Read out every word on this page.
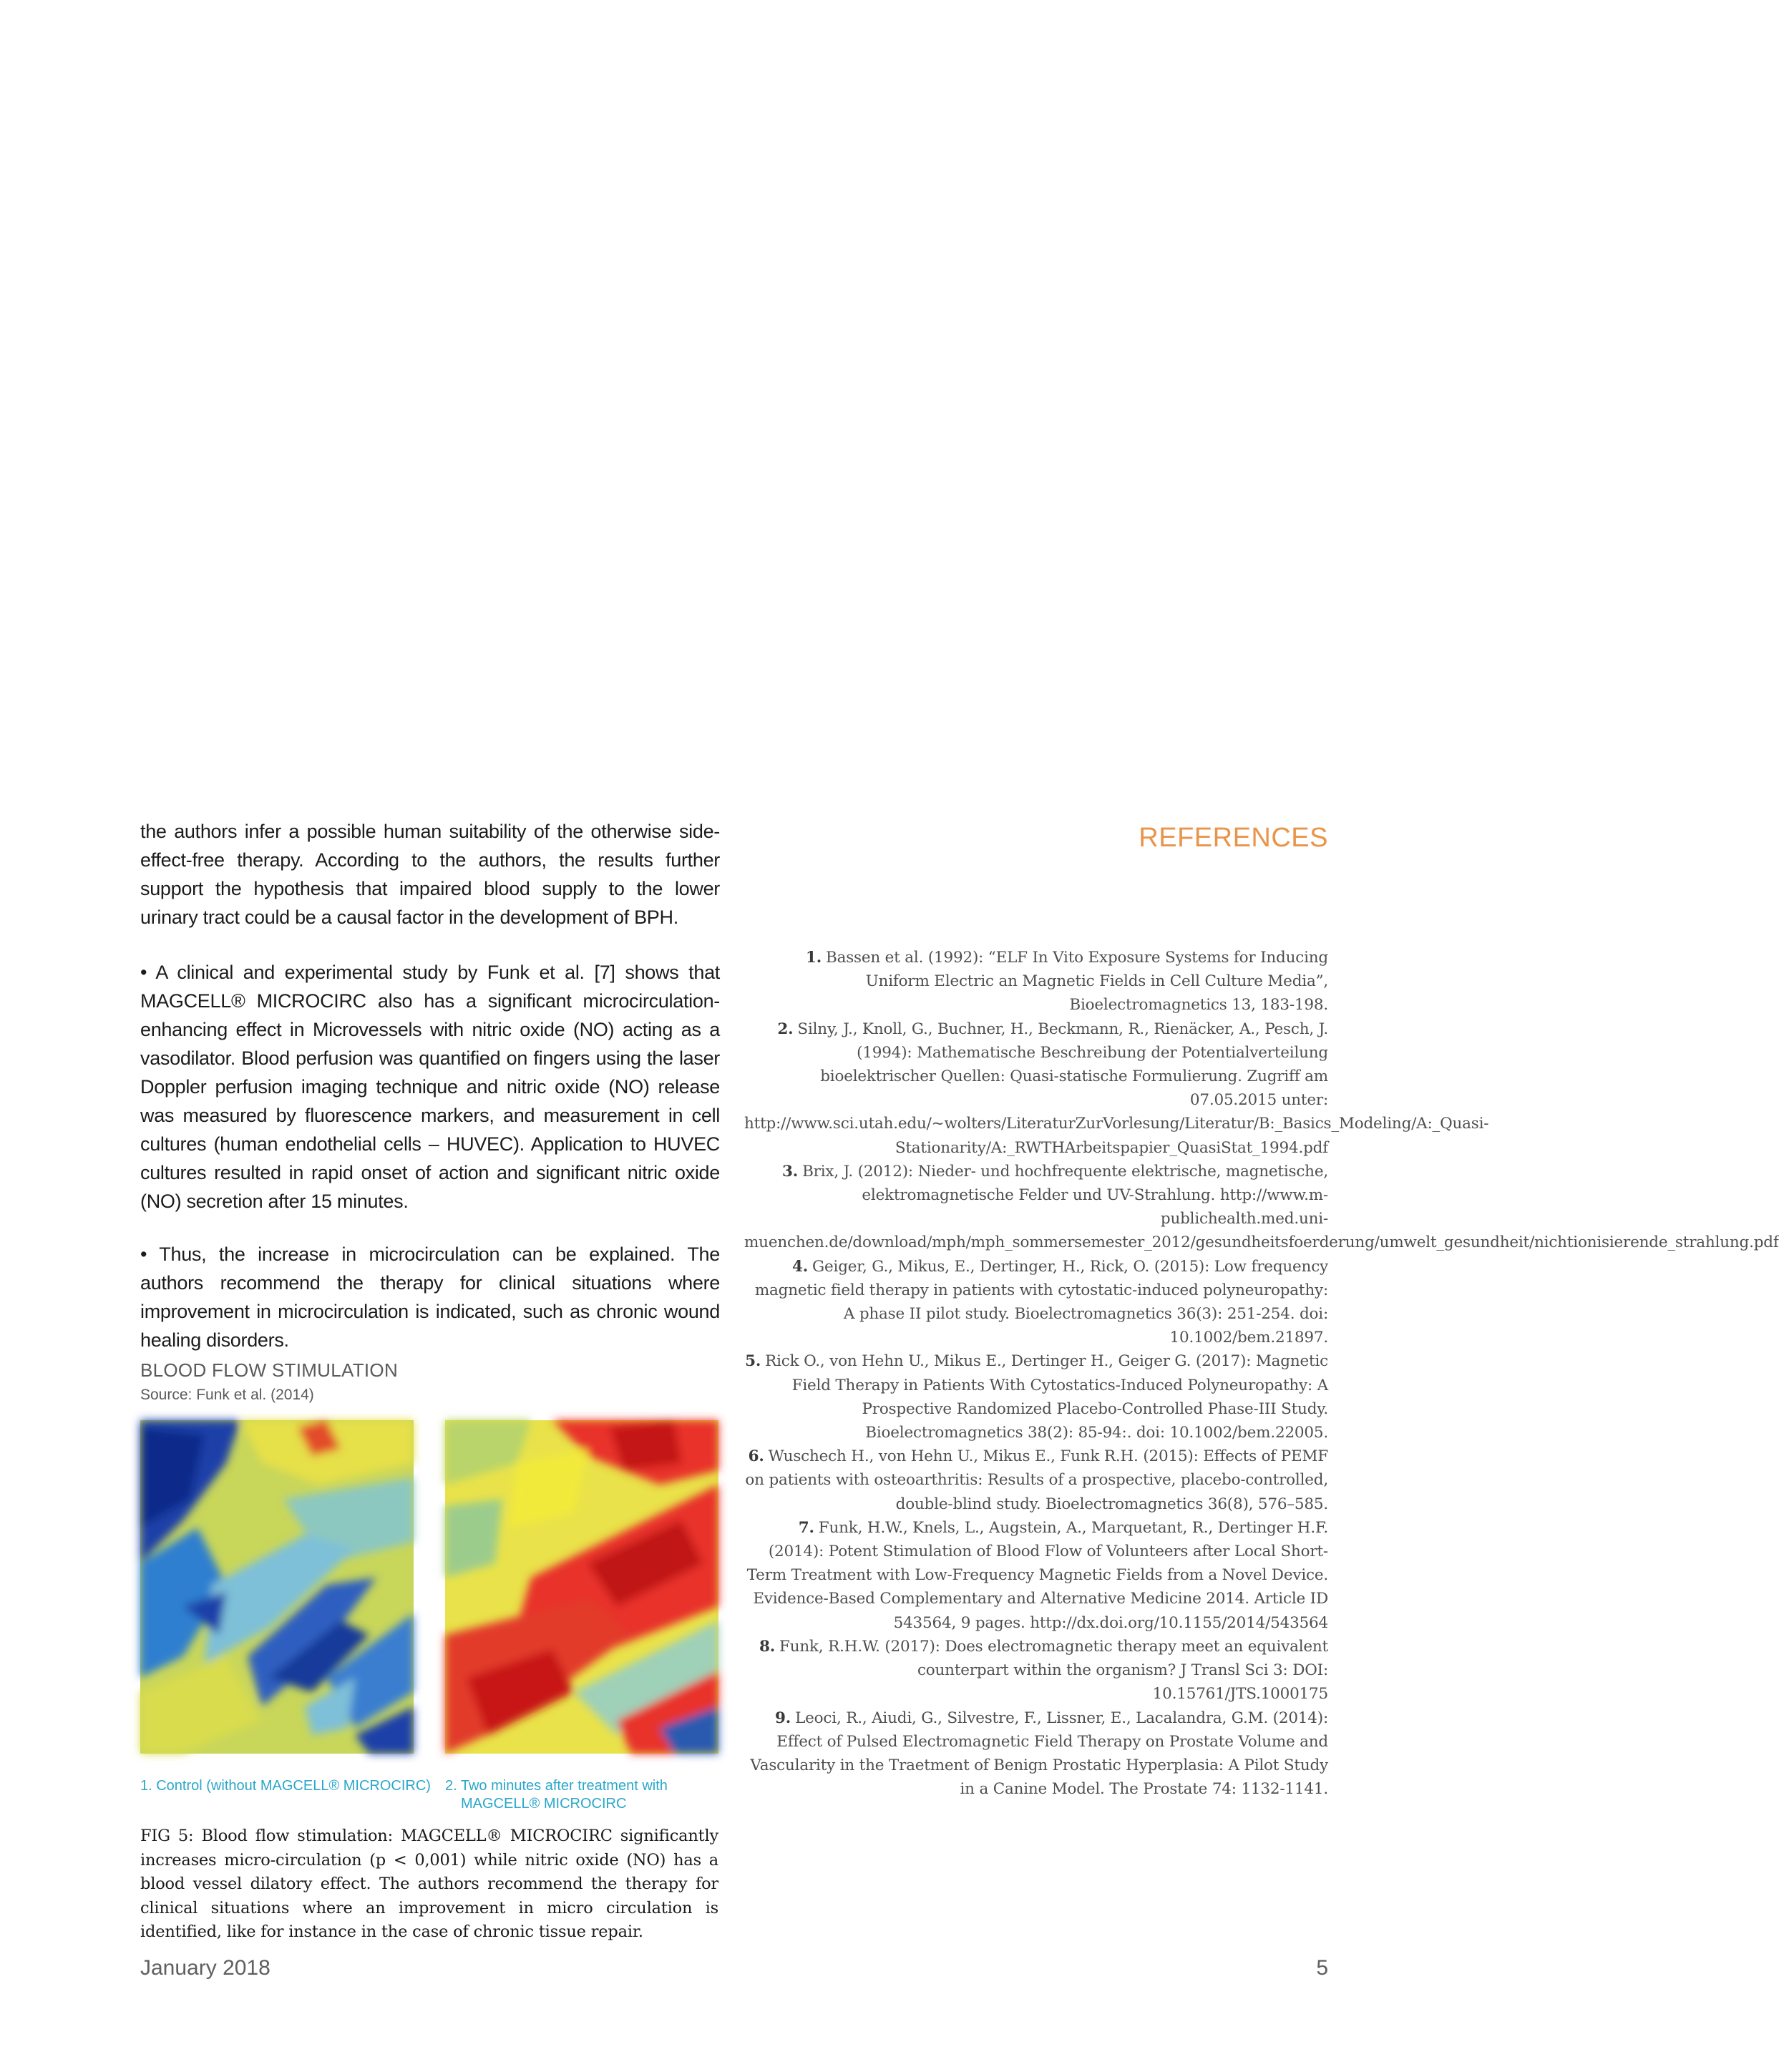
the authors infer a possible human suitability of the otherwise side-effect-free therapy. According to the authors, the results further support the hypothesis that impaired blood supply to the lower urinary tract could be a causal factor in the development of BPH.

• A clinical and experimental study by Funk et al. [7] shows that MAGCELL® MICROCIRC also has a significant microcirculation-enhancing effect in Microvessels with nitric oxide (NO) acting as a vasodilator. Blood perfusion was quantified on fingers using the laser Doppler perfusion imaging technique and nitric oxide (NO) release was measured by fluorescence markers, and measurement in cell cultures (human endothelial cells – HUVEC). Application to HUVEC cultures resulted in rapid onset of action and significant nitric oxide (NO) secretion after 15 minutes.

• Thus, the increase in microcirculation can be explained. The authors recommend the therapy for clinical situations where improvement in microcirculation is indicated, such as chronic wound healing disorders.

BLOOD FLOW STIMULATION
Source: Funk et al. (2014)
1. Control (without MAGCELL® MICROCIRC)	2. Two minutes after treatment with
MAGCELL® MICROCIRC

FIG 5: Blood flow stimulation: MAGCELL® MICROCIRC significantly increases micro-circulation (p < 0,001) while nitric oxide (NO) has a blood vessel dilatory effect. The authors recommend the therapy for clinical situations where an improvement in micro circulation is identified, like for instance in the case of chronic tissue repair.

REFERENCES
1. Bassen et al. (1992): “ELF In Vito Exposure Systems for Inducing Uniform Electric an Magnetic Fields in Cell Culture Media”, Bioelectromagnetics 13, 183-198.
2. Silny, J., Knoll, G., Buchner, H., Beckmann, R., Rienäcker, A., Pesch, J. (1994): Mathematische Beschreibung der Potentialverteilung bioelektrischer Quellen: Quasi-statische Formulierung. Zugriff am 07.05.2015 unter: http://www.sci.utah.edu/~wolters/LiteraturZurVorlesung/Literatur/B:_Basics_Modeling/A:_Quasi-Stationarity/A:_RWTHArbeitspapier_QuasiStat_1994.pdf
3. Brix, J. (2012): Nieder- und hochfrequente elektrische, magnetische, elektromagnetische Felder und UV-Strahlung. http://www.m-publichealth.med.uni-muenchen.de/download/mph/mph_sommersemester_2012/gesundheitsfoerderung/umwelt_gesundheit/nichtionisierende_strahlung.pdf
4. Geiger, G., Mikus, E., Dertinger, H., Rick, O. (2015): Low frequency magnetic field therapy in patients with cytostatic-induced polyneuropathy: A phase II pilot study. Bioelectromagnetics 36(3): 251-254. doi: 10.1002/bem.21897.
5. Rick O., von Hehn U., Mikus E., Dertinger H., Geiger G. (2017): Magnetic Field Therapy in Patients With Cytostatics-Induced Polyneuropathy: A Prospective Randomized Placebo-Controlled Phase-III Study. Bioelectromagnetics 38(2): 85-94:. doi: 10.1002/bem.22005.
6. Wuschech H., von Hehn U., Mikus E., Funk R.H. (2015): Effects of PEMF on patients with osteoarthritis: Results of a prospective, placebo-controlled, double-blind study. Bioelectromagnetics 36(8), 576–585.
7. Funk, H.W., Knels, L., Augstein, A., Marquetant, R., Dertinger H.F. (2014): Potent Stimulation of Blood Flow of Volunteers after Local Short-Term Treatment with Low-Frequency Magnetic Fields from a Novel Device. Evidence-Based Complementary and Alternative Medicine 2014. Article ID 543564, 9 pages. http://dx.doi.org/10.1155/2014/543564
8. Funk, R.H.W. (2017): Does electromagnetic therapy meet an equivalent counterpart within the organism? J Transl Sci 3: DOI: 10.15761/JTS.1000175
9. Leoci, R., Aiudi, G., Silvestre, F., Lissner, E., Lacalandra, G.M. (2014): Effect of Pulsed Electromagnetic Field Therapy on Prostate Volume and Vascularity in the Traetment of Benign Prostatic Hyperplasia: A Pilot Study in a Canine Model. The Prostate 74: 1132-1141.
January 2018	5
